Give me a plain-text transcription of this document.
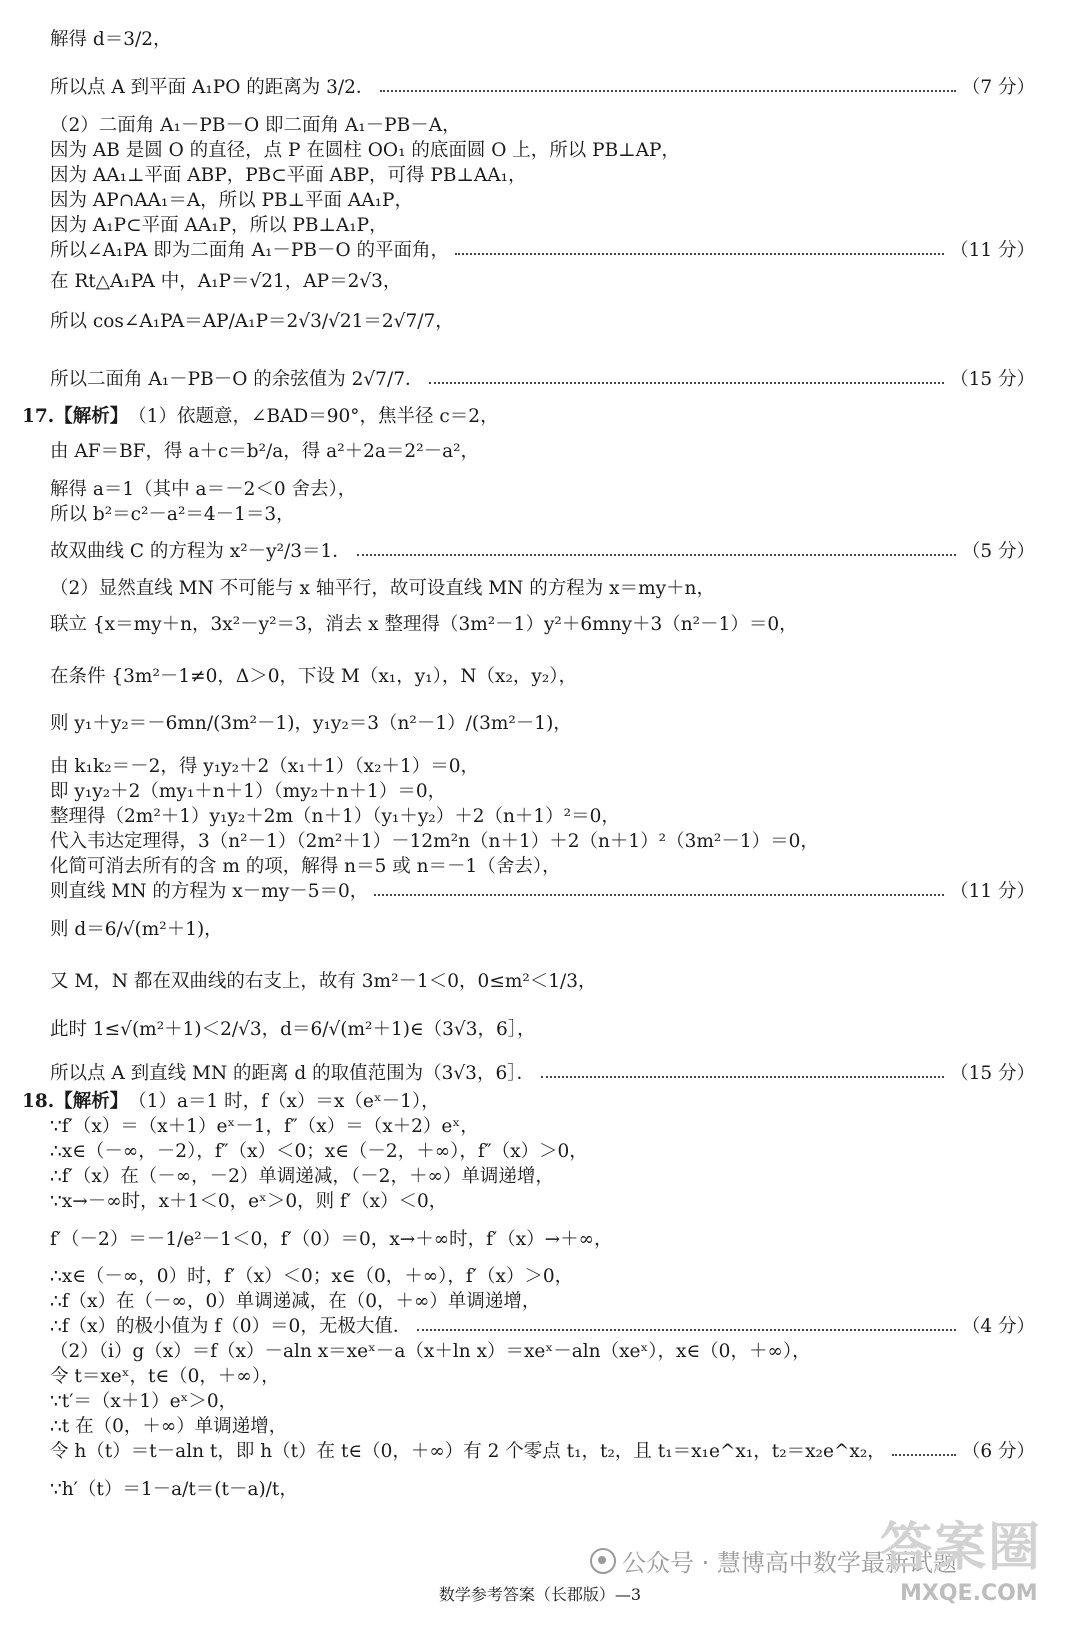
解得 d＝3/2，
所以点 A 到平面 A₁PO 的距离为 3/2．	（7 分）
（2）二面角 A₁－PB－O 即二面角 A₁－PB－A，
因为 AB 是圆 O 的直径，点 P 在圆柱 OO₁ 的底面圆 O 上，所以 PB⊥AP，
因为 AA₁⊥平面 ABP，PB⊂平面 ABP，可得 PB⊥AA₁，
因为 AP∩AA₁＝A，所以 PB⊥平面 AA₁P，
因为 A₁P⊂平面 AA₁P，所以 PB⊥A₁P，
所以∠A₁PA 即为二面角 A₁－PB－O 的平面角，	（11 分）
在 Rt△A₁PA 中，A₁P＝√21，AP＝2√3，
所以 cos∠A₁PA＝AP/A₁P＝2√3/√21＝2√7/7，
所以二面角 A₁－PB－O 的余弦值为 2√7/7．	（15 分）
17. 【解析】 （1）依题意，∠BAD＝90°，焦半径 c＝2，
由 AF＝BF，得 a＋c＝b²/a，得 a²＋2a＝2²－a²，
解得 a＝1（其中 a＝－2＜0 舍去），
所以 b²＝c²－a²＝4－1＝3，
故双曲线 C 的方程为 x²－y²/3＝1．	（5 分）
（2）显然直线 MN 不可能与 x 轴平行，故可设直线 MN 的方程为 x＝my＋n，
联立 {x＝my＋n，3x²－y²＝3，消去 x 整理得（3m²－1）y²＋6mny＋3（n²－1）＝0，
在条件 {3m²－1≠0，Δ＞0，下设 M（x₁，y₁），N（x₂，y₂），
则 y₁＋y₂＝－6mn/(3m²－1)，y₁y₂＝3（n²－1）/(3m²－1)，
由 k₁k₂＝－2，得 y₁y₂＋2（x₁＋1）（x₂＋1）＝0，
即 y₁y₂＋2（my₁＋n＋1）（my₂＋n＋1）＝0，
整理得（2m²＋1）y₁y₂＋2m（n＋1）（y₁＋y₂）＋2（n＋1）²＝0，
代入韦达定理得，3（n²－1）（2m²＋1）－12m²n（n＋1）＋2（n＋1）²（3m²－1）＝0，
化简可消去所有的含 m 的项，解得 n＝5 或 n＝－1（舍去），
则直线 MN 的方程为 x－my－5＝0，	（11 分）
则 d＝6/√(m²＋1)，
又 M，N 都在双曲线的右支上，故有 3m²－1＜0，0≤m²＜1/3，
此时 1≤√(m²＋1)＜2/√3，d＝6/√(m²＋1)∈（3√3，6］，
所以点 A 到直线 MN 的距离 d 的取值范围为（3√3，6］．	（15 分）
18. 【解析】 （1）a＝1 时，f（x）＝x（eˣ－1），
∵f′（x）＝（x＋1）eˣ－1，f″（x）＝（x＋2）eˣ，
∴x∈（－∞，－2），f″（x）＜0；x∈（－2，＋∞），f″（x）＞0，
∴f′（x）在（－∞，－2）单调递减，（－2，＋∞）单调递增，
∵x→－∞时，x＋1＜0，eˣ＞0，则 f′（x）＜0，
f′（－2）＝－1/e²－1＜0，f′（0）＝0，x→＋∞时，f′（x）→＋∞，
∴x∈（－∞，0）时，f′（x）＜0；x∈（0，＋∞），f′（x）＞0，
∴f（x）在（－∞，0）单调递减，在（0，＋∞）单调递增，
∴f（x）的极小值为 f（0）＝0，无极大值．	（4 分）
（2）（i）g（x）＝f（x）－aln x＝xeˣ－a（x＋ln x）＝xeˣ－aln（xeˣ），x∈（0，＋∞），
令 t＝xeˣ，t∈（0，＋∞），
∵t′＝（x＋1）eˣ＞0，
∴t 在（0，＋∞）单调递增，
令 h（t）＝t－aln t，即 h（t）在 t∈（0，＋∞）有 2 个零点 t₁，t₂，且 t₁＝x₁e^x₁，t₂＝x₂e^x₂，	（6 分）
∵h′（t）＝1－a/t＝(t－a)/t，
公众号 · 慧博高中数学最新试题
答案圈
MXQE.COM
数学参考答案（长郡版）—3
